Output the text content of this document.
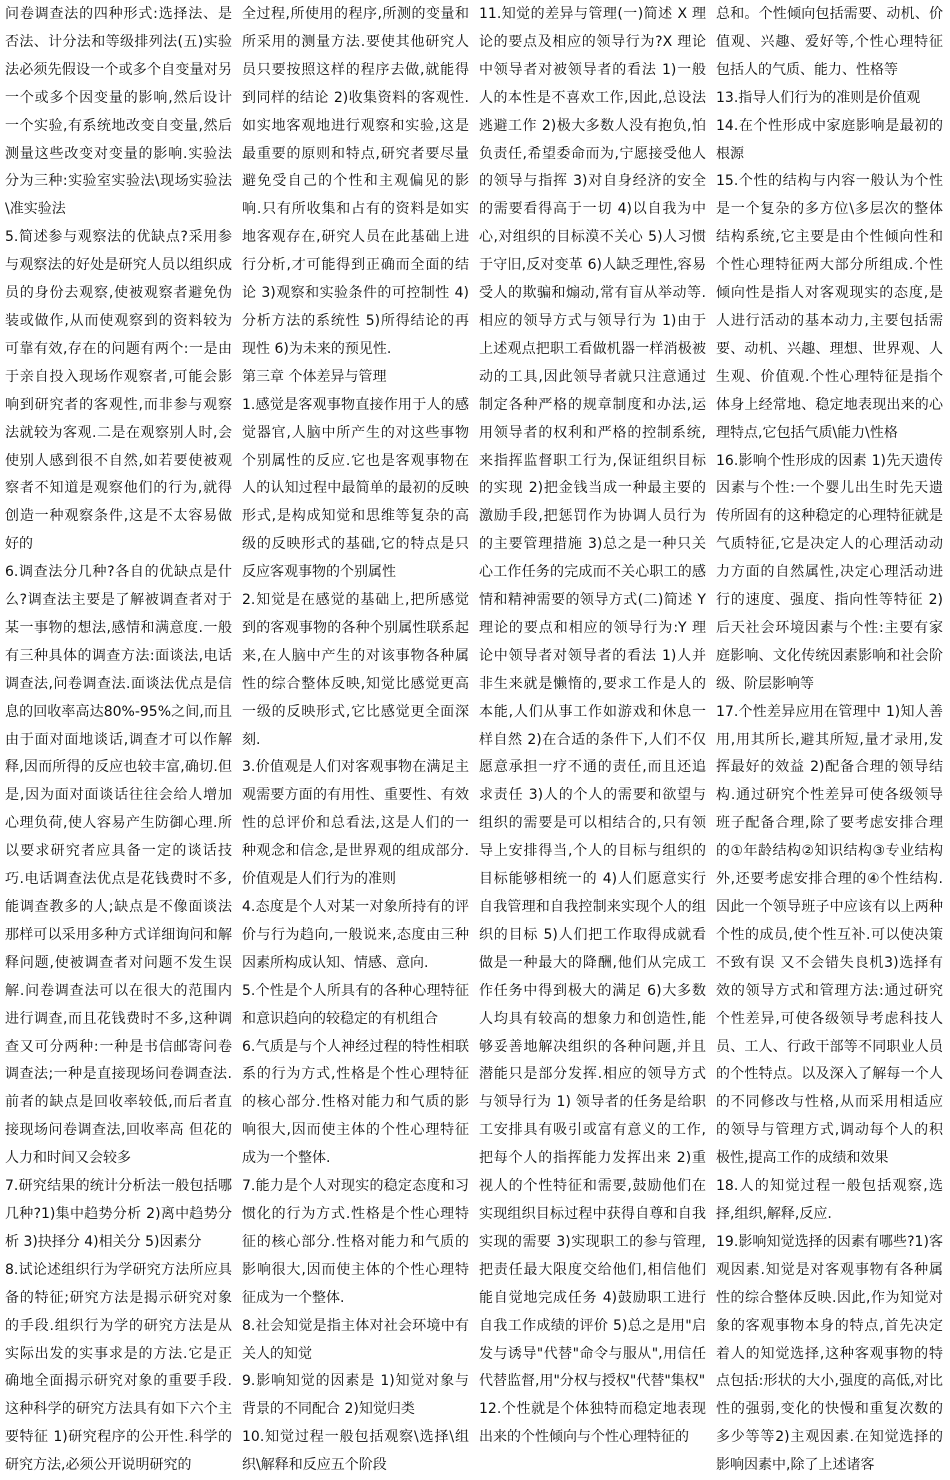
问卷调查法的四种形式:选择法、是否法、计分法和等级排列法(五)实验法必须先假设一个或多个自变量对另一个或多个因变量的影响,然后设计一个实验,有系统地改变自变量,然后测量这些改变对变量的影响.实验法分为三种:实验室实验法\现场实验法\准实验法

5.简述参与观察法的优缺点?采用参与观察法的好处是研究人员以组织成员的身份去观察,使被观察者避免伪装或做作,从而使观察到的资料较为可靠有效,存在的问题有两个:一是由于亲自投入现场作观察者,可能会影响到研究者的客观性,而非参与观察法就较为客观.二是在观察别人时,会使别人感到很不自然,如若要使被观察者不知道是观察他们的行为,就得创造一种观察条件,这是不太容易做好的

6.调查法分几种?各自的优缺点是什么?调查法主要是了解被调查者对于某一事物的想法,感情和满意度.一般有三种具体的调查方法:面谈法,电话调查法,问卷调查法.面谈法优点是信息的回收率高达80%-95%之间,而且由于面对面地谈话,调查才可以作解释,因而所得的反应也较丰富,确切.但是,因为面对面谈话往往会给人增加心理负荷,使人容易产生防御心理.所以要求研究者应具备一定的谈话技巧.电话调查法优点是花钱费时不多,能调查教多的人;缺点是不像面谈法那样可以采用多种方式详细询问和解释问题,使被调查者对问题不发生误解.问卷调查法可以在很大的范围内进行调查,而且花钱费时不多,这种调查又可分两种:一种是书信邮寄问卷调查法;一种是直接现场问卷调查法.前者的缺点是回收率较低,而后者直接现场问卷调查法,回收率高 但花的人力和时间又会较多

7.研究结果的统计分析法一般包括哪几种?1)集中趋势分析 2)离中趋势分析 3)抉择分 4)相关分 5)因素分

8.试论述组织行为学研究方法所应具备的特征;研究方法是揭示研究对象的手段.组织行为学的研究方法是从实际出发的实事求是的方法.它是正确地全面揭示研究对象的重要手段.这种科学的研究方法具有如下六个主要特征 1)研究程序的公开性.科学的研究方法,必须公开说明研究的

全过程,所使用的程序,所测的变量和所采用的测量方法.要使其他研究人员只要按照这样的程序去做,就能得到同样的结论 2)收集资料的客观性.如实地客观地进行观察和实验,这是最重要的原则和特点,研究者要尽量避免受自己的个性和主观偏见的影响.只有所收集和占有的资料是如实地客观存在,研究人员在此基础上进行分析,才可能得到正确而全面的结论 3)观察和实验条件的可控制性 4)分析方法的系统性 5)所得结论的再现性 6)为未来的预见性.

第三章 个体差异与管理

1.感觉是客观事物直接作用于人的感觉器官,人脑中所产生的对这些事物个别属性的反应.它也是客观事物在人的认知过程中最简单的最初的反映形式,是构成知觉和思维等复杂的高级的反映形式的基础,它的特点是只反应客观事物的个别属性

2.知觉是在感觉的基础上,把所感觉到的客观事物的各种个别属性联系起来,在人脑中产生的对该事物各种属性的综合整体反映,知觉比感觉更高一级的反映形式,它比感觉更全面深刻.

3.价值观是人们对客观事物在满足主观需要方面的有用性、重要性、有效性的总评价和总看法,这是人们的一种观念和信念,是世界观的组成部分.价值观是人们行为的准则

4.态度是个人对某一对象所持有的评价与行为趋向,一般说来,态度由三种因素所构成认知、情感、意向.

5.个性是个人所具有的各种心理特征和意识趋向的较稳定的有机组合

6.气质是与个人神经过程的特性相联系的行为方式,性格是个性心理特征的核心部分.性格对能力和气质的影响很大,因而使主体的个性心理特征成为一个整体.

7.能力是个人对现实的稳定态度和习惯化的行为方式.性格是个性心理特征的核心部分.性格对能力和气质的影响很大,因而使主体的个性心理特征成为一个整体.

8.社会知觉是指主体对社会环境中有关人的知觉

9.影响知觉的因素是 1)知觉对象与背景的不同配合 2)知觉归类

10.知觉过程一般包括观察\选择\组织\解释和反应五个阶段

11.知觉的差异与管理(一)简述 X 理论的要点及相应的领导行为?X 理论中领导者对被领导者的看法 1)一般人的本性是不喜欢工作,因此,总设法逃避工作 2)极大多数人没有抱负,怕负责任,希望委命而为,宁愿接受他人的领导与指挥 3)对自身经济的安全的需要看得高于一切 4)以自我为中心,对组织的目标漠不关心 5)人习惯于守旧,反对变革 6)人缺乏理性,容易受人的欺骗和煽动,常有盲从举动等.相应的领导方式与领导行为 1)由于上述观点把职工看做机器一样消极被动的工具,因此领导者就只注意通过制定各种严格的规章制度和办法,运用领导者的权利和严格的控制系统,来指挥监督职工行为,保证组织目标的实现 2)把金钱当成一种最主要的激励手段,把惩罚作为协调人员行为的主要管理措施 3)总之是一种只关心工作任务的完成而不关心职工的感情和精神需要的领导方式(二)简述 Y 理论的要点和相应的领导行为:Y 理论中领导者对领导者的看法 1)人并非生来就是懒惰的,要求工作是人的本能,人们从事工作如游戏和休息一样自然 2)在合适的条件下,人们不仅愿意承担一疗不通的责任,而且还追求责任 3)人的个人的需要和欲望与组织的需要是可以相结合的,只有领导上安排得当,个人的目标与组织的目标能够相统一的 4)人们愿意实行自我管理和自我控制来实现个人的组织的目标 5)人们把工作取得成就看做是一种最大的降酬,他们从完成工作任务中得到极大的满足 6)大多数人均具有较高的想象力和创造性,能够妥善地解决组织的各种问题,并且潜能只是部分发挥.相应的领导方式与领导行为 1) 领导者的任务是给职工安排具有吸引或富有意义的工作,把每个人的指挥能力发挥出来 2)重视人的个性特征和需要,鼓励他们在实现组织目标过程中获得自尊和自我实现的需要 3)实现职工的参与管理,把责任最大限度交给他们,相信他们能自觉地完成任务 4)鼓励职工进行自我工作成绩的评价 5)总之是用"启发与诱导"代替"命令与服从",用信任代替监督,用"分权与授权"代替"集权"

12.个性就是个体独特而稳定地表现出来的个性倾向与个性心理特征的

总和。个性倾向包括需要、动机、价值观、兴趣、爱好等,个性心理特征包括人的气质、能力、性格等

13.指导人们行为的准则是价值观

14.在个性形成中家庭影响是最初的根源

15.个性的结构与内容一般认为个性是一个复杂的多方位\多层次的整体结构系统,它主要是由个性倾向性和个性心理特征两大部分所组成.个性倾向性是指人对客观现实的态度,是人进行活动的基本动力,主要包括需要、动机、兴趣、理想、世界观、人生观、价值观.个性心理特征是指个体身上经常地、稳定地表现出来的心理特点,它包括气质\能力\性格

16.影响个性形成的因素 1)先天遗传因素与个性:一个婴儿出生时先天遗传所固有的这种稳定的心理特征就是气质特征,它是决定人的心理活动动力方面的自然属性,决定心理活动进行的速度、强度、指向性等特征 2)后天社会环境因素与个性:主要有家庭影响、文化传统因素影响和社会阶级、阶层影响等

17.个性差异应用在管理中 1)知人善用,用其所长,避其所短,量才录用,发挥最好的效益 2)配备合理的领导结构.通过研究个性差异可使各级领导班子配备合理,除了要考虑安排合理的①年龄结构②知识结构③专业结构外,还要考虑安排合理的④个性结构.因此一个领导班子中应该有以上两种个性的成员,使个性互补.可以使决策不致有误 又不会错失良机3)选择有效的领导方式和管理方法:通过研究个性差异,可使各级领导考虑科技人员、工人、行政干部等不同职业人员的个性特点。以及深入了解每一个人的不同修改与性格,从而采用相适应的领导与管理方式,调动每个人的积极性,提高工作的成绩和效果

18.人的知觉过程一般包括观察,选择,组织,解释,反应.

19.影响知觉选择的因素有哪些?1)客观因素.知觉是对客观事物有各种属性的综合整体反映.因此,作为知觉对象的客观事物本身的特点,首先决定着人的知觉选择,这种客观事物的特点包括:形状的大小,强度的高低,对比性的强弱,变化的快慢和重复次数的多少等等2)主观因素.在知觉选择的影响因素中,除了上述诸客
